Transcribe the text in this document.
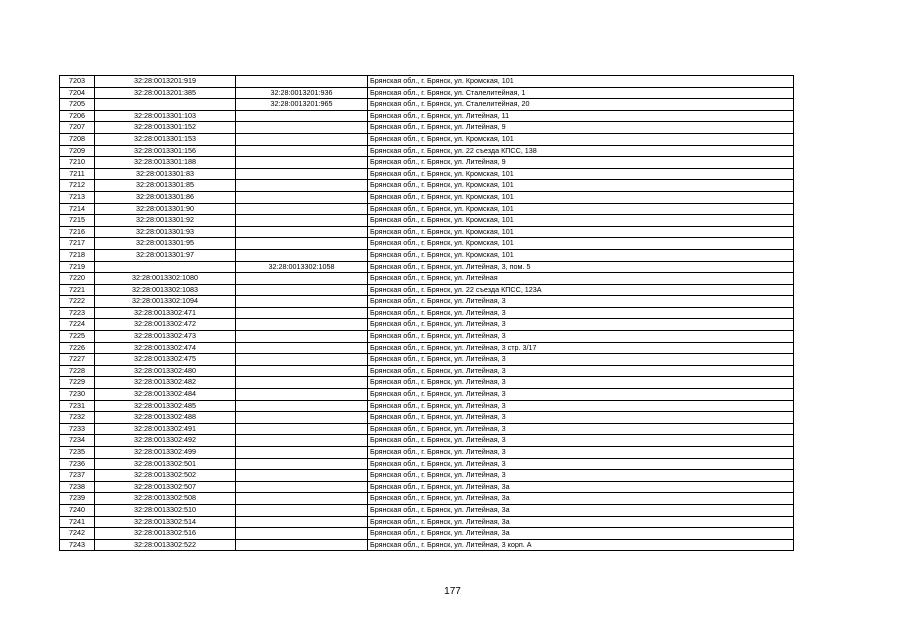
7203	32:28:0013201:919		Брянская обл., г. Брянск, ул. Кромская, 101
7204	32:28:0013201:385	32:28:0013201:936	Брянская обл., г. Брянск, ул. Сталелитейная, 1
7205		32:28:0013201:965	Брянская обл., г. Брянск, ул. Сталелитейная, 20
7206	32:28:0013301:103		Брянская обл., г. Брянск, ул. Литейная, 11
7207	32:28:0013301:152		Брянская обл., г. Брянск, ул. Литейная, 9
7208	32:28:0013301:153		Брянская обл., г. Брянск, ул. Кромская, 101
7209	32:28:0013301:156		Брянская обл., г. Брянск, ул. 22 съезда КПСС, 138
7210	32:28:0013301:188		Брянская обл., г. Брянск, ул. Литейная, 9
7211	32:28:0013301:83		Брянская обл., г. Брянск, ул. Кромская, 101
7212	32:28:0013301:85		Брянская обл., г. Брянск, ул. Кромская, 101
7213	32:28:0013301:86		Брянская обл., г. Брянск, ул. Кромская, 101
7214	32:28:0013301:90		Брянская обл., г. Брянск, ул. Кромская, 101
7215	32:28:0013301:92		Брянская обл., г. Брянск, ул. Кромская, 101
7216	32:28:0013301:93		Брянская обл., г. Брянск, ул. Кромская, 101
7217	32:28:0013301:95		Брянская обл., г. Брянск, ул. Кромская, 101
7218	32:28:0013301:97		Брянская обл., г. Брянск, ул. Кромская, 101
7219		32:28:0013302:1058	Брянская обл., г. Брянск, ул. Литейная, 3, пом. 5
7220	32:28:0013302:1080		Брянская обл., г. Брянск, ул. Литейная
7221	32:28:0013302:1083		Брянская обл., г. Брянск, ул. 22 съезда КПСС, 123А
7222	32:28:0013302:1094		Брянская обл., г. Брянск, ул. Литейная, 3
7223	32:28:0013302:471		Брянская обл., г. Брянск, ул. Литейная, 3
7224	32:28:0013302:472		Брянская обл., г. Брянск, ул. Литейная, 3
7225	32:28:0013302:473		Брянская обл., г. Брянск, ул. Литейная, 3
7226	32:28:0013302:474		Брянская обл., г. Брянск, ул. Литейная, 3 стр. 3/17
7227	32:28:0013302:475		Брянская обл., г. Брянск, ул. Литейная, 3
7228	32:28:0013302:480		Брянская обл., г. Брянск, ул. Литейная, 3
7229	32:28:0013302:482		Брянская обл., г. Брянск, ул. Литейная, 3
7230	32:28:0013302:484		Брянская обл., г. Брянск, ул. Литейная, 3
7231	32:28:0013302:485		Брянская обл., г. Брянск, ул. Литейная, 3
7232	32:28:0013302:488		Брянская обл., г. Брянск, ул. Литейная, 3
7233	32:28:0013302:491		Брянская обл., г. Брянск, ул. Литейная, 3
7234	32:28:0013302:492		Брянская обл., г. Брянск, ул. Литейная, 3
7235	32:28:0013302:499		Брянская обл., г. Брянск, ул. Литейная, 3
7236	32:28:0013302:501		Брянская обл., г. Брянск, ул. Литейная, 3
7237	32:28:0013302:502		Брянская обл., г. Брянск, ул. Литейная, 3
7238	32:28:0013302:507		Брянская обл., г. Брянск, ул. Литейная, 3а
7239	32:28:0013302:508		Брянская обл., г. Брянск, ул. Литейная, 3а
7240	32:28:0013302:510		Брянская обл., г. Брянск, ул. Литейная, 3а
7241	32:28:0013302:514		Брянская обл., г. Брянск, ул. Литейная, 3а
7242	32:28:0013302:516		Брянская обл., г. Брянск, ул. Литейная, 3а
7243	32:28:0013302:522		Брянская обл., г. Брянск, ул. Литейная, 3 корп. А
177
